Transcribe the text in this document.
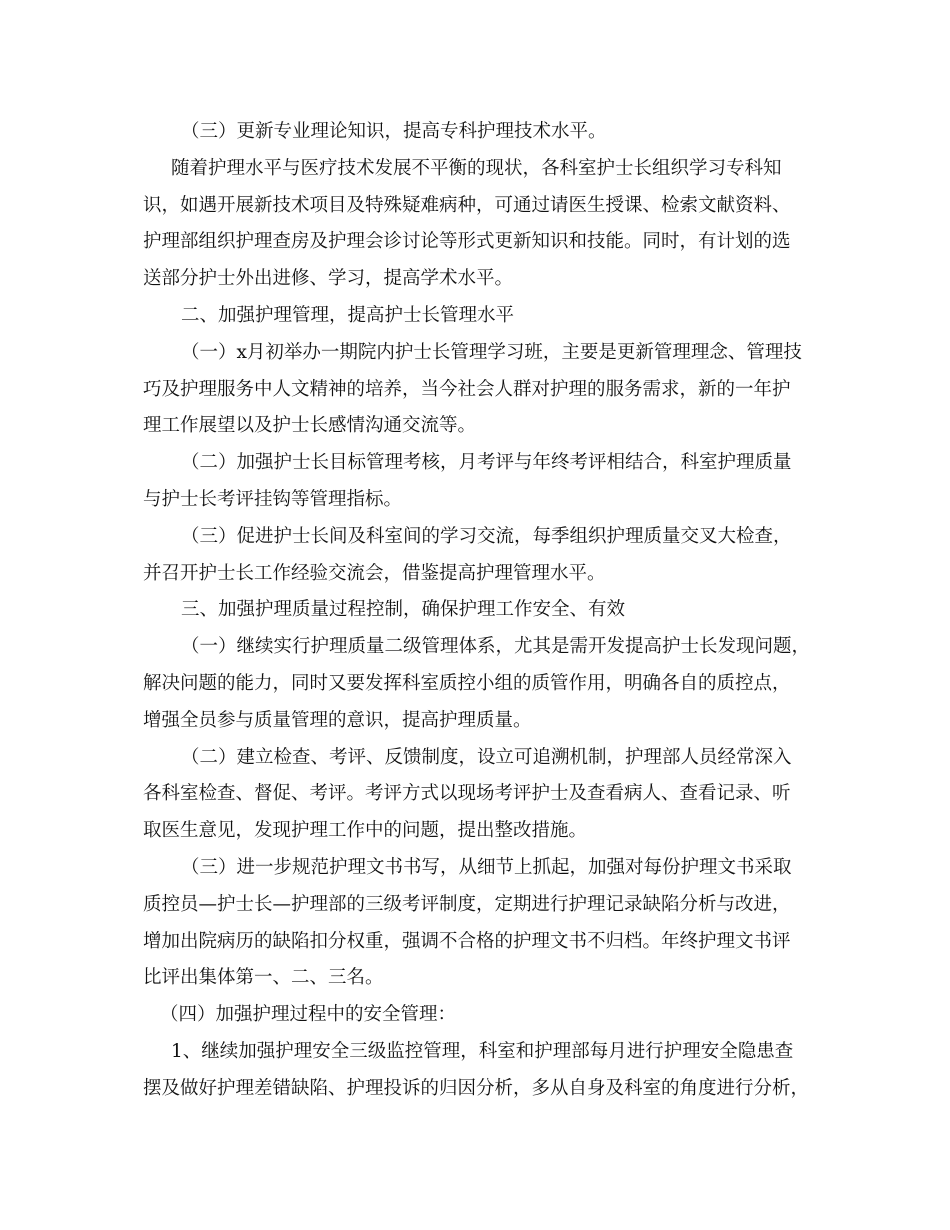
（三）更新专业理论知识，提高专科护理技术水平。
随着护理水平与医疗技术发展不平衡的现状，各科室护士长组织学习专科知
识，如遇开展新技术项目及特殊疑难病种，可通过请医生授课、检索文献资料、
护理部组织护理查房及护理会诊讨论等形式更新知识和技能。同时，有计划的选
送部分护士外出进修、学习，提高学术水平。
二、加强护理管理，提高护士长管理水平
（一）x月初举办一期院内护士长管理学习班，主要是更新管理理念、管理技
巧及护理服务中人文精神的培养，当今社会人群对护理的服务需求，新的一年护
理工作展望以及护士长感情沟通交流等。
（二）加强护士长目标管理考核，月考评与年终考评相结合，科室护理质量
与护士长考评挂钩等管理指标。
（三）促进护士长间及科室间的学习交流，每季组织护理质量交叉大检查，
并召开护士长工作经验交流会，借鉴提高护理管理水平。
三、加强护理质量过程控制，确保护理工作安全、有效
（一）继续实行护理质量二级管理体系，尤其是需开发提高护士长发现问题，
解决问题的能力，同时又要发挥科室质控小组的质管作用，明确各自的质控点，
增强全员参与质量管理的意识，提高护理质量。
（二）建立检查、考评、反馈制度，设立可追溯机制，护理部人员经常深入
各科室检查、督促、考评。考评方式以现场考评护士及查看病人、查看记录、听
取医生意见，发现护理工作中的问题，提出整改措施。
（三）进一步规范护理文书书写，从细节上抓起，加强对每份护理文书采取
质控员—护士长—护理部的三级考评制度，定期进行护理记录缺陷分析与改进，
增加出院病历的缺陷扣分权重，强调不合格的护理文书不归档。年终护理文书评
比评出集体第一、二、三名。
（四）加强护理过程中的安全管理：
1、继续加强护理安全三级监控管理，科室和护理部每月进行护理安全隐患查
摆及做好护理差错缺陷、护理投诉的归因分析，多从自身及科室的角度进行分析，
